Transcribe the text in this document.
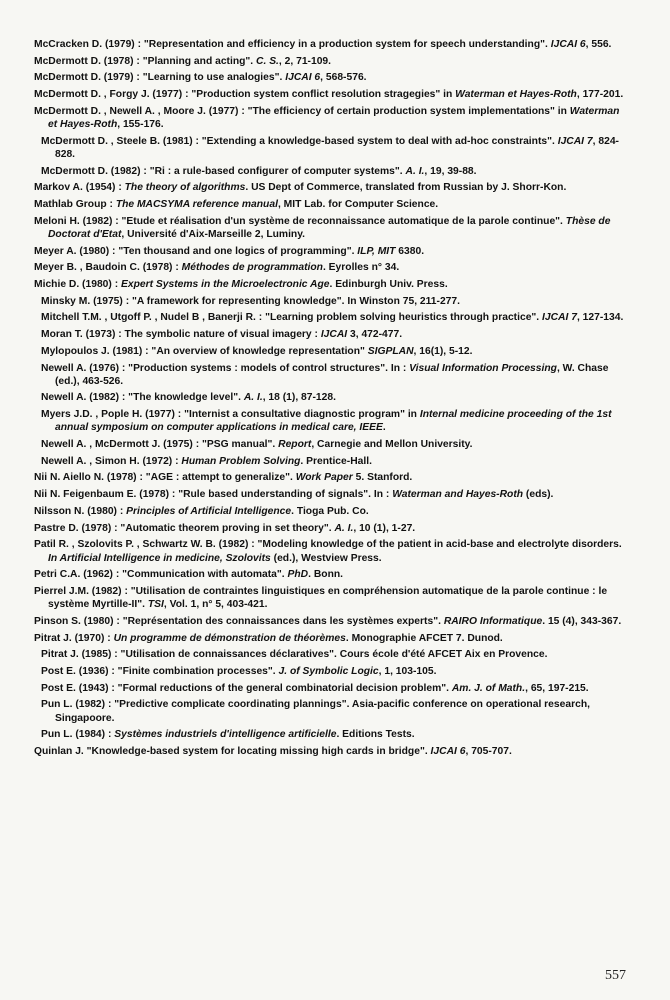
McCracken D. (1979) : "Representation and efficiency in a production system for speech understanding". IJCAI 6, 556.
McDermott D. (1978) : "Planning and acting". C. S., 2, 71-109.
McDermott D. (1979) : "Learning to use analogies". IJCAI 6, 568-576.
McDermott D. , Forgy J. (1977) : "Production system conflict resolution stragegies" in Waterman et Hayes-Roth, 177-201.
McDermott D. , Newell A. , Moore J. (1977) : "The efficiency of certain production system implementations" in Waterman et Hayes-Roth, 155-176.
McDermott D. , Steele B. (1981) : "Extending a knowledge-based system to deal with ad-hoc constraints". IJCAI 7, 824-828.
McDermott D. (1982) : "Ri : a rule-based configurer of computer systems". A. I., 19, 39-88.
Markov A. (1954) : The theory of algorithms. US Dept of Commerce, translated from Russian by J. Shorr-Kon.
Mathlab Group : The MACSYMA reference manual, MIT Lab. for Computer Science.
Meloni H. (1982) : "Etude et réalisation d'un système de reconnaissance automatique de la parole continue". Thèse de Doctorat d'Etat, Université d'Aix-Marseille 2, Luminy.
Meyer A. (1980) : "Ten thousand and one logics of programming". ILP, MIT 6380.
Meyer B. , Baudoin C. (1978) : Méthodes de programmation. Eyrolles n° 34.
Michie D. (1980) : Expert Systems in the Microelectronic Age. Edinburgh Univ. Press.
Minsky M. (1975) : "A framework for representing knowledge". In Winston 75, 211-277.
Mitchell T.M. , Utgoff P. , Nudel B , Banerji R. : "Learning problem solving heuristics through practice". IJCAI 7, 127-134.
Moran T. (1973) : The symbolic nature of visual imagery : IJCAI 3, 472-477.
Mylopoulos J. (1981) : "An overview of knowledge representation" SIGPLAN, 16(1), 5-12.
Newell A. (1976) : "Production systems : models of control structures". In : Visual Information Processing, W. Chase (ed.), 463-526.
Newell A. (1982) : "The knowledge level". A. I., 18 (1), 87-128.
Myers J.D. , Pople H. (1977) : "Internist a consultative diagnostic program" in Internal medicine proceeding of the 1st annual symposium on computer applications in medical care, IEEE.
Newell A. , McDermott J. (1975) : "PSG manual". Report, Carnegie and Mellon University.
Newell A. , Simon H. (1972) : Human Problem Solving. Prentice-Hall.
Nii N. Aiello N. (1978) : "AGE : attempt to generalize". Work Paper 5. Stanford.
Nii N. Feigenbaum E. (1978) : "Rule based understanding of signals". In : Waterman and Hayes-Roth (eds).
Nilsson N. (1980) : Principles of Artificial Intelligence. Tioga Pub. Co.
Pastre D. (1978) : "Automatic theorem proving in set theory". A. I., 10 (1), 1-27.
Patil R. , Szolovits P. , Schwartz W. B. (1982) : "Modeling knowledge of the patient in acid-base and electrolyte disorders. In Artificial Intelligence in medicine, Szolovits (ed.), Westview Press.
Petri C.A. (1962) : "Communication with automata". PhD. Bonn.
Pierrel J.M. (1982) : "Utilisation de contraintes linguistiques en compréhension automatique de la parole continue : le système Myrtille-II". TSI, Vol. 1, n° 5, 403-421.
Pinson S. (1980) : "Représentation des connaissances dans les systèmes experts". RAIRO Informatique. 15 (4), 343-367.
Pitrat J. (1970) : Un programme de démonstration de théorèmes. Monographie AFCET 7. Dunod.
Pitrat J. (1985) : "Utilisation de connaissances déclaratives". Cours école d'été AFCET Aix en Provence.
Post E. (1936) : "Finite combination processes". J. of Symbolic Logic, 1, 103-105.
Post E. (1943) : "Formal reductions of the general combinatorial decision problem". Am. J. of Math., 65, 197-215.
Pun L. (1982) : "Predictive complicate coordinating plannings". Asia-pacific conference on operational research, Singapoore.
Pun L. (1984) : Systèmes industriels d'intelligence artificielle. Editions Tests.
Quinlan J. "Knowledge-based system for locating missing high cards in bridge". IJCAI 6, 705-707.
557
